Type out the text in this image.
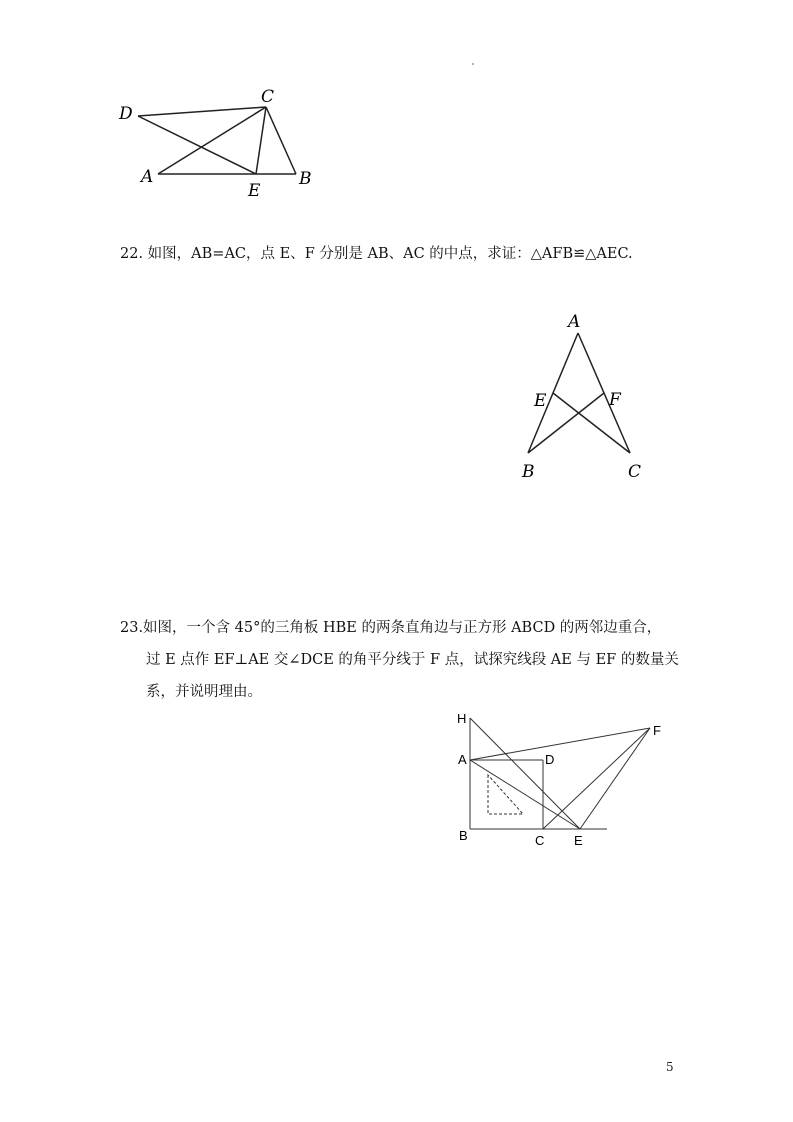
D
C
A
E
B
22. 如图，AB=AC，点 E、F 分别是 AB、AC 的中点，求证：△AFB≌△AEC.
A
E	F
B	C
23.如图，一个含 45°的三角板 HBE 的两条直角边与正方形 ABCD 的两邻边重合，
过 E 点作 EF⊥AE 交∠DCE 的角平分线于 F 点，试探究线段 AE 与 EF 的数量关
系，并说明理由。
H
A	D
F
B	C E
5
